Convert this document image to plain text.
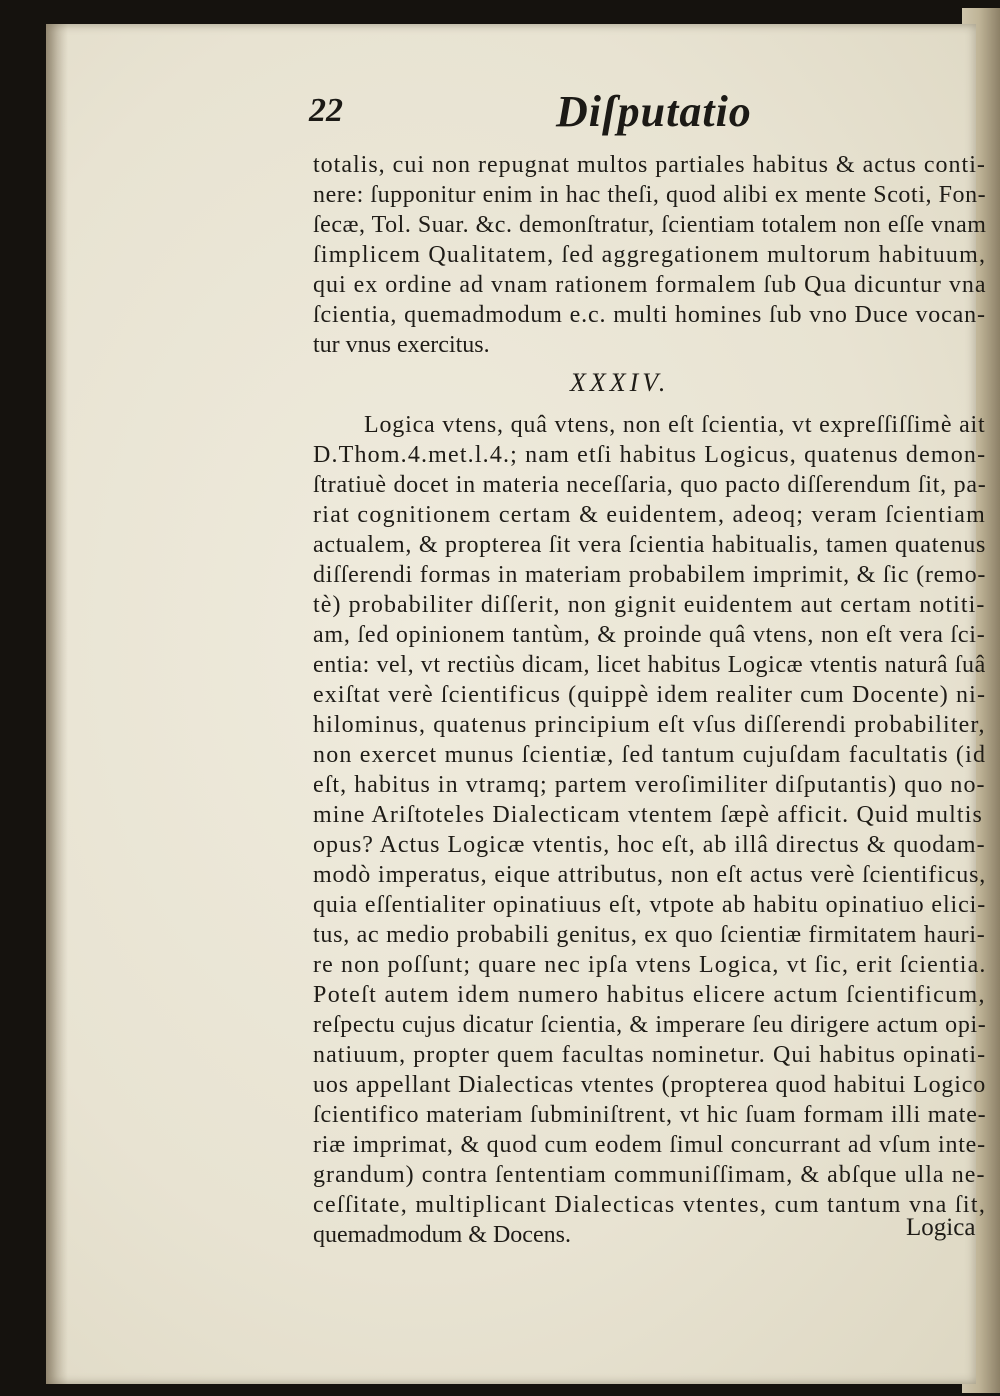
22	Diſputatio
totalis, cui non repugnat multos partiales habitus & actus conti-
nere: ſupponitur enim in hac theſi, quod alibi ex mente Scoti, Fon-
ſecæ, Tol. Suar. &c. demonſtratur, ſcientiam totalem non eſſe vnam
ſimplicem Qualitatem, ſed aggregationem multorum habituum,
qui ex ordine ad vnam rationem formalem ſub Qua dicuntur vna
ſcientia, quemadmodum e.c. multi homines ſub vno Duce vocan-
tur vnus exercitus.
XXXIV.
Logica vtens, quâ vtens, non eſt ſcientia, vt expreſſiſſimè ait
D.Thom.4.met.l.4.; nam etſi habitus Logicus, quatenus demon-
ſtratiuè docet in materia neceſſaria, quo pacto diſſerendum ſit, pa-
riat cognitionem certam & euidentem, adeoq; veram ſcientiam
actualem, & propterea ſit vera ſcientia habitualis, tamen quatenus
diſſerendi formas in materiam probabilem imprimit, & ſic (remo-
tè) probabiliter diſſerit, non gignit euidentem aut certam notiti-
am, ſed opinionem tantùm, & proinde quâ vtens, non eſt vera ſci-
entia: vel, vt rectiùs dicam, licet habitus Logicæ vtentis naturâ ſuâ
exiſtat verè ſcientificus (quippè idem realiter cum Docente) ni-
hilominus, quatenus principium eſt vſus diſſerendi probabiliter,
non exercet munus ſcientiæ, ſed tantum cujuſdam facultatis (id
eſt, habitus in vtramq; partem veroſimiliter diſputantis) quo no-
mine Ariſtoteles Dialecticam vtentem ſæpè afficit. Quid multis
opus? Actus Logicæ vtentis, hoc eſt, ab illâ directus & quodam-
modò imperatus, eique attributus, non eſt actus verè ſcientificus,
quia eſſentialiter opinatiuus eſt, vtpote ab habitu opinatiuo elici-
tus, ac medio probabili genitus, ex quo ſcientiæ firmitatem hauri-
re non poſſunt; quare nec ipſa vtens Logica, vt ſic, erit ſcientia.
Poteſt autem idem numero habitus elicere actum ſcientificum,
reſpectu cujus dicatur ſcientia, & imperare ſeu dirigere actum opi-
natiuum, propter quem facultas nominetur. Qui habitus opinati-
uos appellant Dialecticas vtentes (propterea quod habitui Logico
ſcientifico materiam ſubminiſtrent, vt hic ſuam formam illi mate-
riæ imprimat, & quod cum eodem ſimul concurrant ad vſum inte-
grandum) contra ſententiam communiſſimam, & abſque ulla ne-
ceſſitate, multiplicant Dialecticas vtentes, cum tantum vna ſit,
quemadmodum & Docens.	Logica
